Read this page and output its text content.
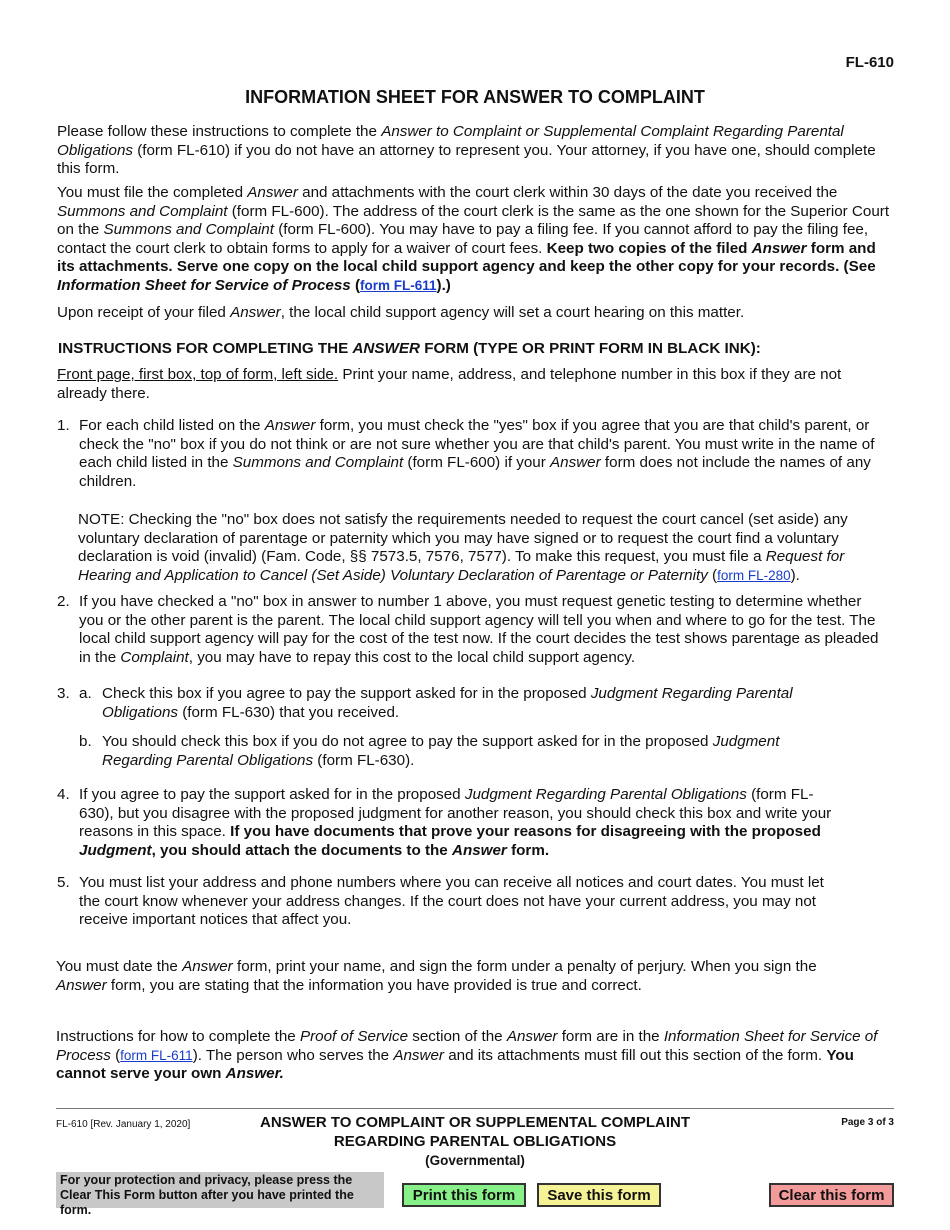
FL-610
INFORMATION SHEET FOR ANSWER TO COMPLAINT

Please follow these instructions to complete the Answer to Complaint or Supplemental Complaint Regarding Parental Obligations (form FL-610) if you do not have an attorney to represent you. Your attorney, if you have one, should complete this form.

You must file the completed Answer and attachments with the court clerk within 30 days of the date you received the Summons and Complaint (form FL-600). The address of the court clerk is the same as the one shown for the Superior Court on the Summons and Complaint (form FL-600). You may have to pay a filing fee. If you cannot afford to pay the filing fee, contact the court clerk to obtain forms to apply for a waiver of court fees. Keep two copies of the filed Answer form and its attachments. Serve one copy on the local child support agency and keep the other copy for your records. (See Information Sheet for Service of Process (form FL-611).)

Upon receipt of your filed Answer, the local child support agency will set a court hearing on this matter.

INSTRUCTIONS FOR COMPLETING THE ANSWER FORM (TYPE OR PRINT FORM IN BLACK INK):

Front page, first box, top of form, left side. Print your name, address, and telephone number in this box if they are not already there.

1. For each child listed on the Answer form, you must check the "yes" box if you agree that you are that child's parent, or check the "no" box if you do not think or are not sure whether you are that child's parent. You must write in the name of each child listed in the Summons and Complaint (form FL-600) if your Answer form does not include the names of any children.

NOTE: Checking the "no" box does not satisfy the requirements needed to request the court cancel (set aside) any voluntary declaration of parentage or paternity which you may have signed or to request the court find a voluntary declaration is void (invalid) (Fam. Code, §§ 7573.5, 7576, 7577). To make this request, you must file a Request for Hearing and Application to Cancel (Set Aside) Voluntary Declaration of Parentage or Paternity (form FL-280).

2. If you have checked a "no" box in answer to number 1 above, you must request genetic testing to determine whether you or the other parent is the parent. The local child support agency will tell you when and where to go for the test. The local child support agency will pay for the cost of the test now. If the court decides the test shows parentage as pleaded in the Complaint, you may have to repay this cost to the local child support agency.

3. a. Check this box if you agree to pay the support asked for in the proposed Judgment Regarding Parental Obligations (form FL-630) that you received.

b. You should check this box if you do not agree to pay the support asked for in the proposed Judgment Regarding Parental Obligations (form FL-630).

4. If you agree to pay the support asked for in the proposed Judgment Regarding Parental Obligations (form FL-630), but you disagree with the proposed judgment for another reason, you should check this box and write your reasons in this space. If you have documents that prove your reasons for disagreeing with the proposed Judgment, you should attach the documents to the Answer form.

5. You must list your address and phone numbers where you can receive all notices and court dates. You must let the court know whenever your address changes. If the court does not have your current address, you may not receive important notices that affect you.

You must date the Answer form, print your name, and sign the form under a penalty of perjury. When you sign the Answer form, you are stating that the information you have provided is true and correct.

Instructions for how to complete the Proof of Service section of the Answer form are in the Information Sheet for Service of Process (form FL-611). The person who serves the Answer and its attachments must fill out this section of the form. You cannot serve your own Answer.

FL-610 [Rev. January 1, 2020]	ANSWER TO COMPLAINT OR SUPPLEMENTAL COMPLAINT
REGARDING PARENTAL OBLIGATIONS
(Governmental)
Page 3 of 3
For your protection and privacy, please press the Clear This Form button after you have printed the form.
Print this form	Save this form	Clear this form
